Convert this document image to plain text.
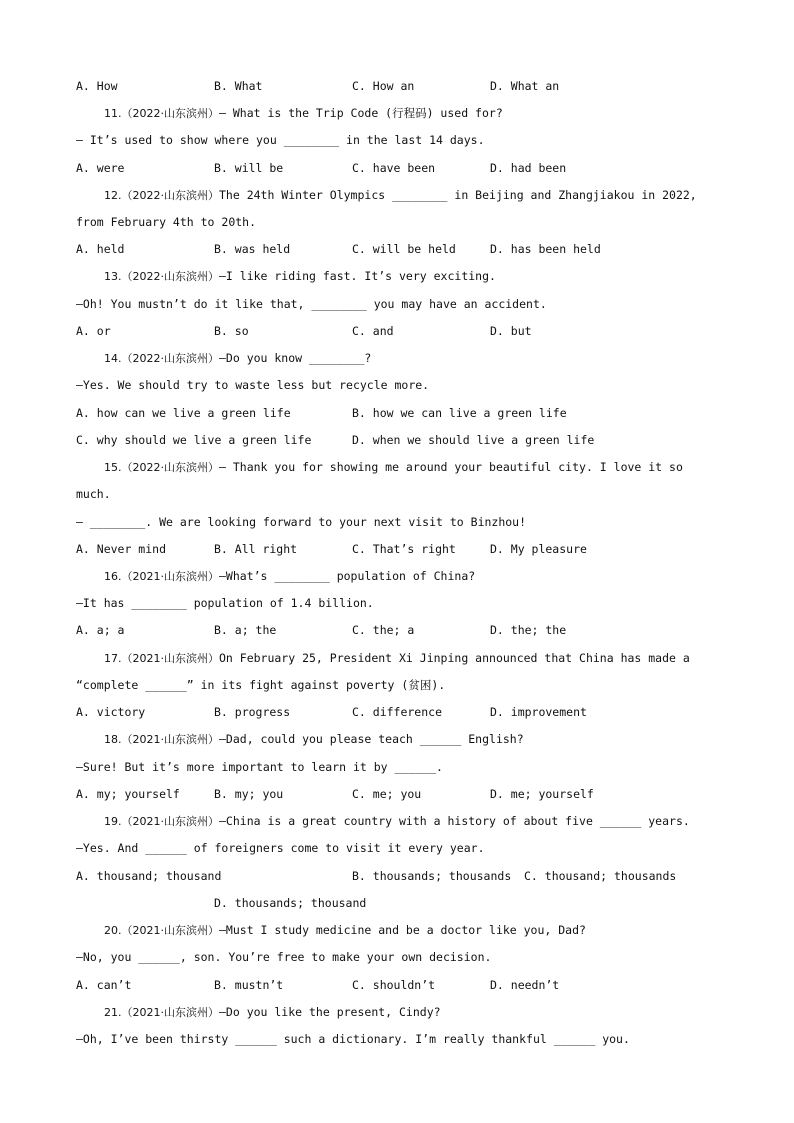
A. How	B. What	C. How an	D. What an
11.（2022·山东滨州）— What is the Trip Code (行程码) used for?
— It’s used to show where you ________ in the last 14 days.
A. were	B. will be	C. have been	D. had been
12.（2022·山东滨州）The 24th Winter Olympics ________ in Beijing and Zhangjiakou in 2022,
from February 4th to 20th.
A. held	B. was held	C. will be held	D. has been held
13.（2022·山东滨州）—I like riding fast. It’s very exciting.
—Oh! You mustn’t do it like that, ________ you may have an accident.
A. or	B. so	C. and	D. but
14.（2022·山东滨州）—Do you know ________?
—Yes. We should try to waste less but recycle more.
A. how can we live a green life	B. how we can live a green life
C. why should we live a green life	D. when we should live a green life
15.（2022·山东滨州）— Thank you for showing me around your beautiful city. I love it so
much.
— ________. We are looking forward to your next visit to Binzhou!
A. Never mind	B. All right	C. That’s right	D. My pleasure
16.（2021·山东滨州）—What’s ________ population of China?
—It has ________ population of 1.4 billion.
A. a; a	B. a; the	C. the; a	D. the; the
17.（2021·山东滨州）On February 25, President Xi Jinping announced that China has made a
“complete ______” in its fight against poverty (贫困).
A. victory	B. progress	C. difference	D. improvement
18.（2021·山东滨州）—Dad, could you please teach ______ English?
—Sure! But it’s more important to learn it by ______.
A. my; yourself	B. my; you	C. me; you	D. me; yourself
19.（2021·山东滨州）—China is a great country with a history of about five ______ years.
—Yes. And ______ of foreigners come to visit it every year.
A. thousand; thousand	B. thousands; thousands C. thousand; thousands
D. thousands; thousand
20.（2021·山东滨州）—Must I study medicine and be a doctor like you, Dad?
—No, you ______, son. You’re free to make your own decision.
A. can’t	B. mustn’t	C. shouldn’t	D. needn’t
21.（2021·山东滨州）—Do you like the present, Cindy?
—Oh, I’ve been thirsty ______ such a dictionary. I’m really thankful ______ you.
